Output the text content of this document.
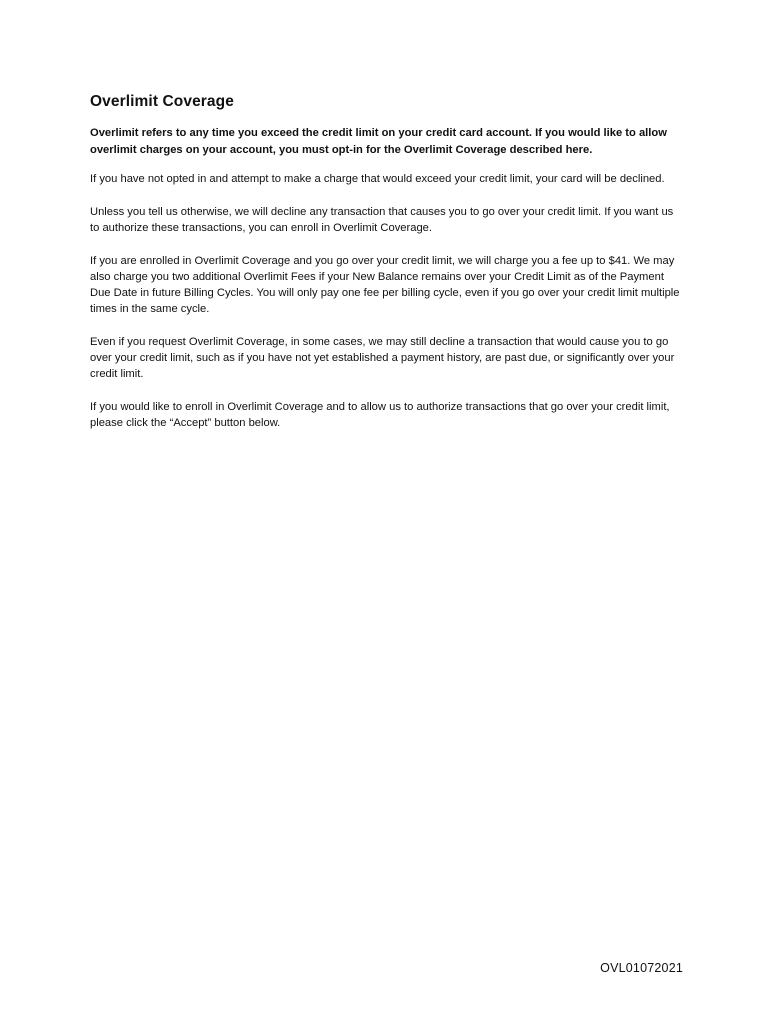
Overlimit Coverage

Overlimit refers to any time you exceed the credit limit on your credit card account. If you would like to allow overlimit charges on your account, you must opt-in for the Overlimit Coverage described here.

If you have not opted in and attempt to make a charge that would exceed your credit limit, your card will be declined.

Unless you tell us otherwise, we will decline any transaction that causes you to go over your credit limit. If you want us to authorize these transactions, you can enroll in Overlimit Coverage.

If you are enrolled in Overlimit Coverage and you go over your credit limit, we will charge you a fee up to $41. We may also charge you two additional Overlimit Fees if your New Balance remains over your Credit Limit as of the Payment Due Date in future Billing Cycles. You will only pay one fee per billing cycle, even if you go over your credit limit multiple times in the same cycle.

Even if you request Overlimit Coverage, in some cases, we may still decline a transaction that would cause you to go over your credit limit, such as if you have not yet established a payment history, are past due, or significantly over your credit limit.

If you would like to enroll in Overlimit Coverage and to allow us to authorize transactions that go over your credit limit, please click the “Accept” button below.

OVL01072021
